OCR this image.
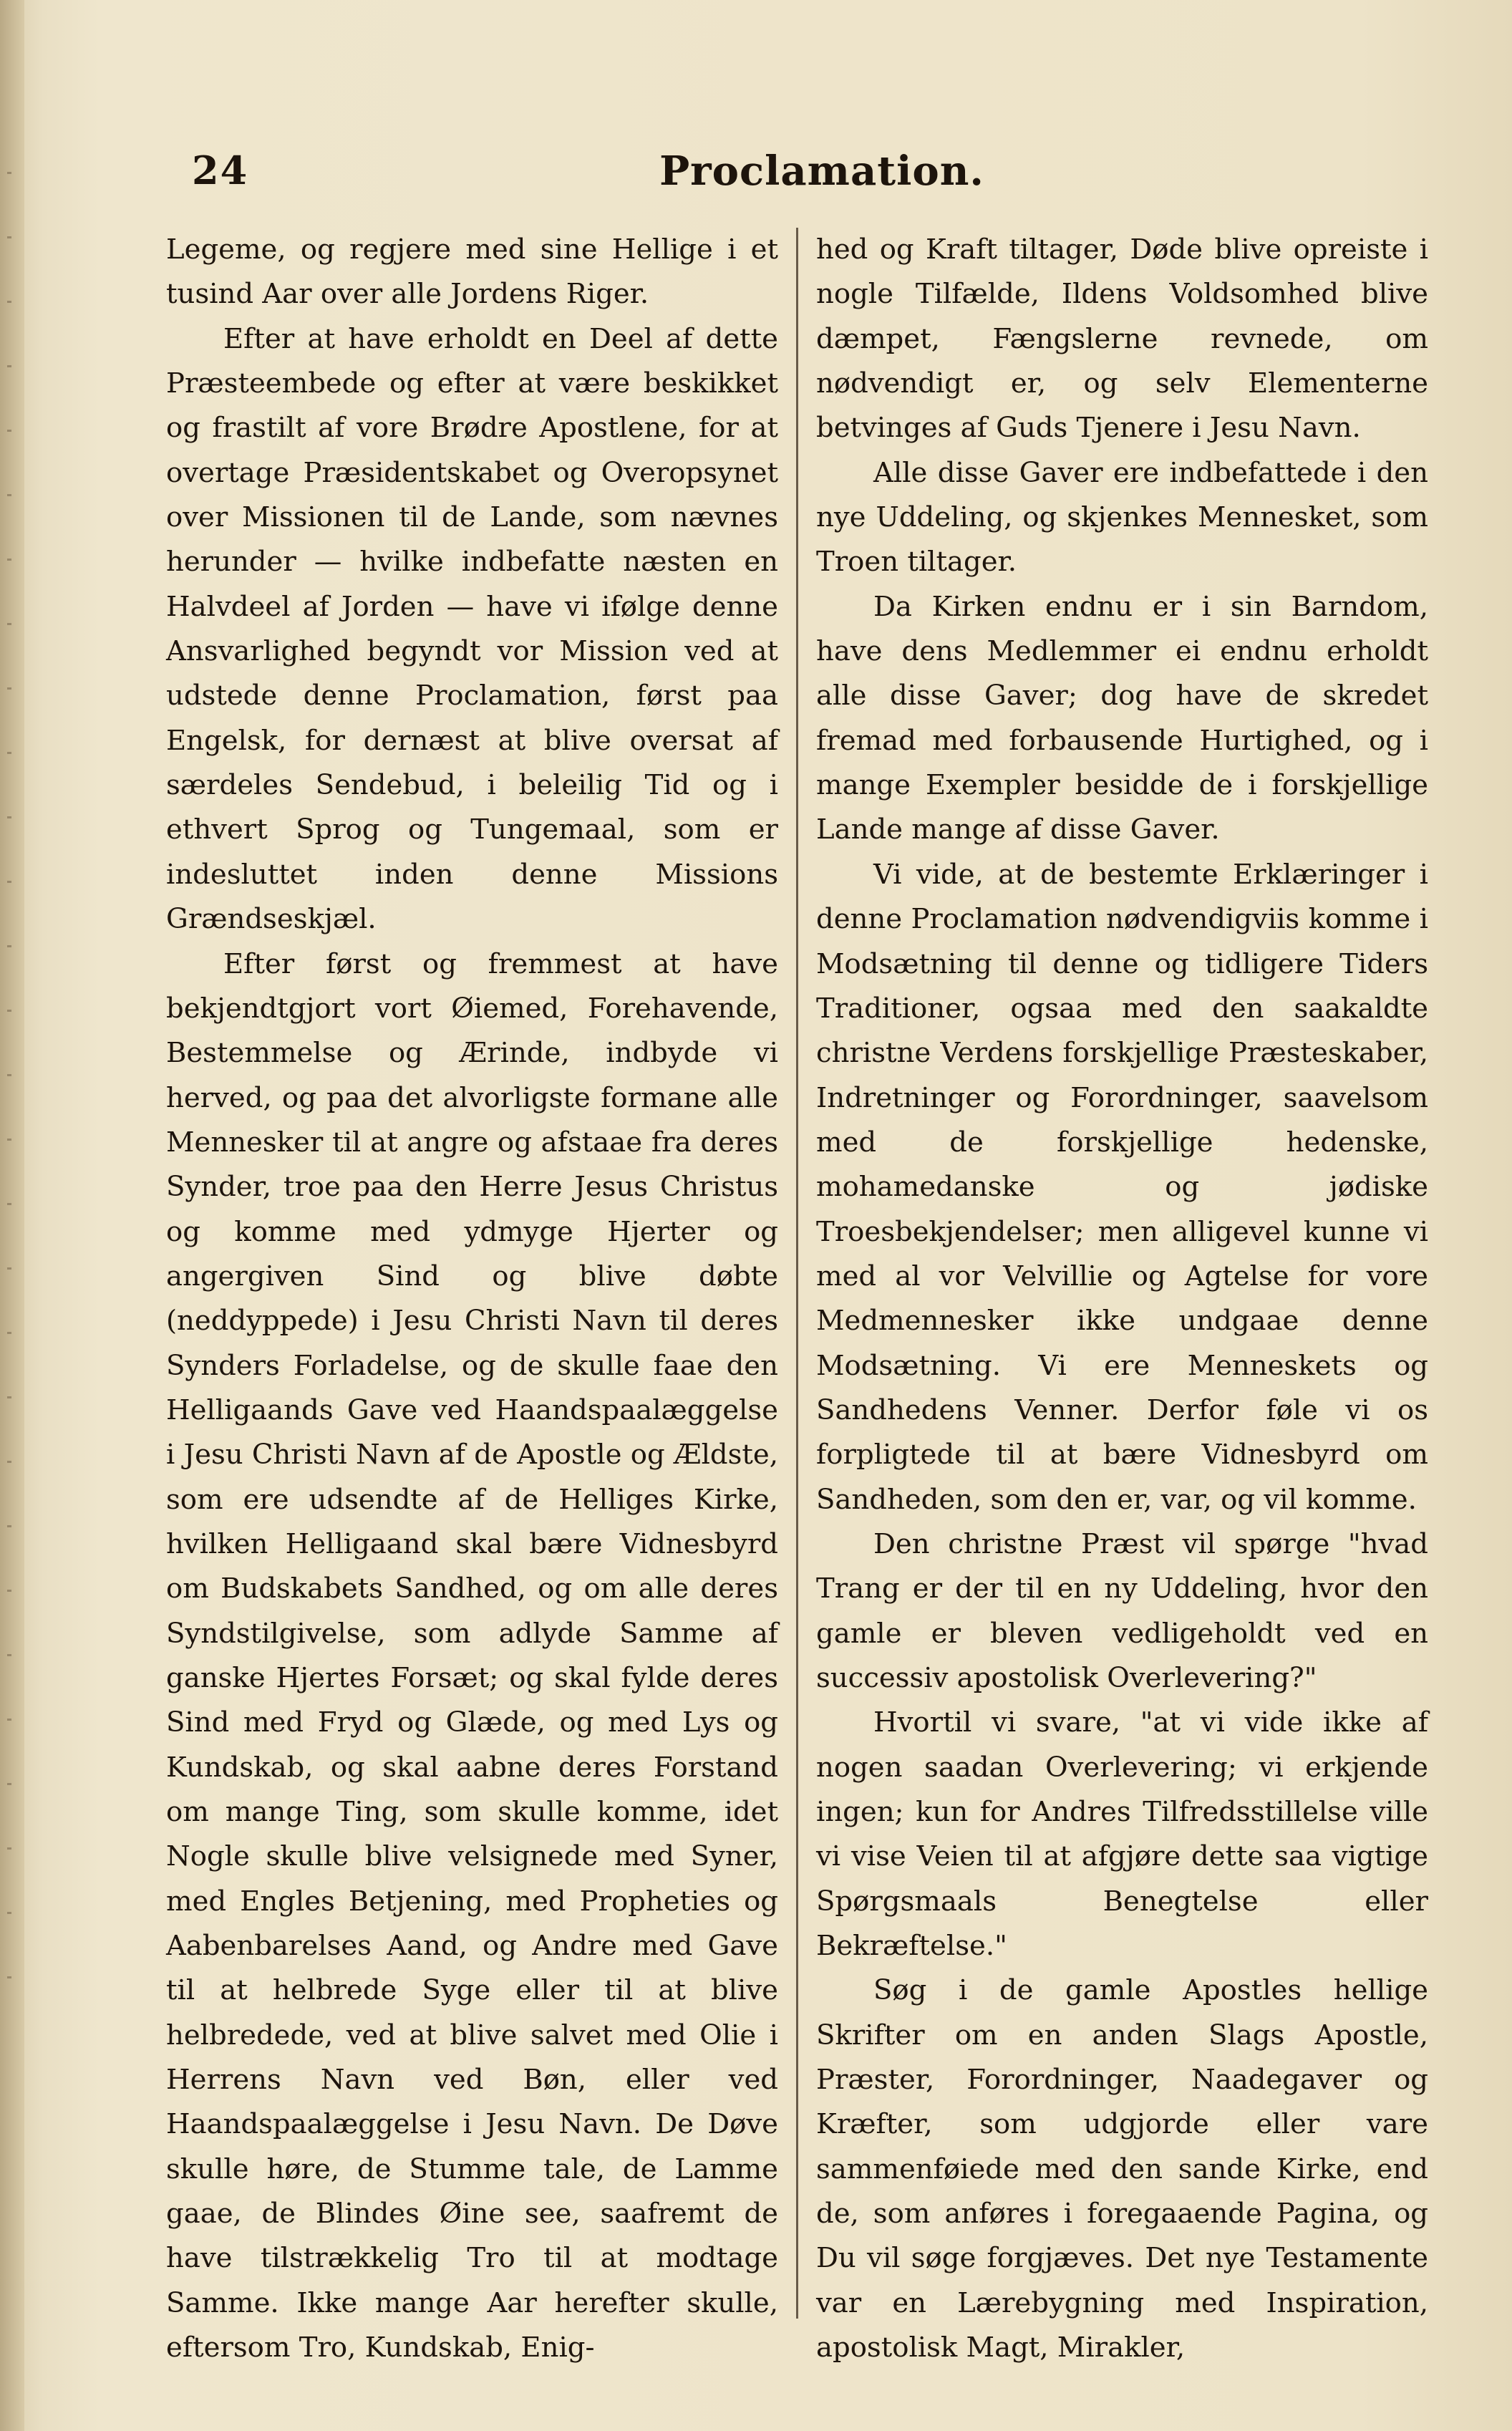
24	Proclamation.

Legeme, og regjere med sine Hellige i et tusind Aar over alle Jordens Riger.

Efter at have erholdt en Deel af dette Præsteembede og efter at være beskikket og frastilt af vore Brødre Apostlene, for at overtage Præsidentskabet og Overopsynet over Missionen til de Lande, som nævnes herunder — hvilke indbefatte næsten en Halvdeel af Jorden — have vi ifølge denne Ansvarlighed begyndt vor Mission ved at udstede denne Proclamation, først paa Engelsk, for dernæst at blive oversat af særdeles Sendebud, i beleilig Tid og i ethvert Sprog og Tungemaal, som er indesluttet inden denne Missions Grændseskjæl.

Efter først og fremmest at have bekjendtgjort vort Øiemed, Forehavende, Bestemmelse og Ærinde, indbyde vi herved, og paa det alvorligste formane alle Mennesker til at angre og afstaae fra deres Synder, troe paa den Herre Jesus Christus og komme med ydmyge Hjerter og angergiven Sind og blive døbte (neddyppede) i Jesu Christi Navn til deres Synders Forladelse, og de skulle faae den Helligaands Gave ved Haandspaalæggelse i Jesu Christi Navn af de Apostle og Ældste, som ere udsendte af de Helliges Kirke, hvilken Helligaand skal bære Vidnesbyrd om Budskabets Sandhed, og om alle deres Syndstilgivelse, som adlyde Samme af ganske Hjertes Forsæt; og skal fylde deres Sind med Fryd og Glæde, og med Lys og Kundskab, og skal aabne deres Forstand om mange Ting, som skulle komme, idet Nogle skulle blive velsignede med Syner, med Engles Betjening, med Propheties og Aabenbarelses Aand, og Andre med Gave til at helbrede Syge eller til at blive helbredede, ved at blive salvet med Olie i Herrens Navn ved Bøn, eller ved Haandspaalæggelse i Jesu Navn. De Døve skulle høre, de Stumme tale, de Lamme gaae, de Blindes Øine see, saafremt de have tilstrækkelig Tro til at modtage Samme. Ikke mange Aar herefter skulle, eftersom Tro, Kundskab, Enig-

hed og Kraft tiltager, Døde blive opreiste i nogle Tilfælde, Ildens Voldsomhed blive dæmpet, Fængslerne revnede, om nødvendigt er, og selv Elementerne betvinges af Guds Tjenere i Jesu Navn.

Alle disse Gaver ere indbefattede i den nye Uddeling, og skjenkes Mennesket, som Troen tiltager.

Da Kirken endnu er i sin Barndom, have dens Medlemmer ei endnu erholdt alle disse Gaver; dog have de skredet fremad med forbausende Hurtighed, og i mange Exempler besidde de i forskjellige Lande mange af disse Gaver.

Vi vide, at de bestemte Erklæringer i denne Proclamation nødvendigviis komme i Modsætning til denne og tidligere Tiders Traditioner, ogsaa med den saakaldte christne Verdens forskjellige Præsteskaber, Indretninger og Forordninger, saavelsom med de forskjellige hedenske, mohamedanske og jødiske Troesbekjendelser; men alligevel kunne vi med al vor Velvillie og Agtelse for vore Medmennesker ikke undgaae denne Modsætning. Vi ere Menneskets og Sandhedens Venner. Derfor føle vi os forpligtede til at bære Vidnesbyrd om Sandheden, som den er, var, og vil komme.

Den christne Præst vil spørge "hvad Trang er der til en ny Uddeling, hvor den gamle er bleven vedligeholdt ved en successiv apostolisk Overlevering?"

Hvortil vi svare, "at vi vide ikke af nogen saadan Overlevering; vi erkjende ingen; kun for Andres Tilfredsstillelse ville vi vise Veien til at afgjøre dette saa vigtige Spørgsmaals Benegtelse eller Bekræftelse."

Søg i de gamle Apostles hellige Skrifter om en anden Slags Apostle, Præster, Forordninger, Naadegaver og Kræfter, som udgjorde eller vare sammenføiede med den sande Kirke, end de, som anføres i foregaaende Pagina, og Du vil søge forgjæves. Det nye Testamente var en Lærebygning med Inspiration, apostolisk Magt, Mirakler,
